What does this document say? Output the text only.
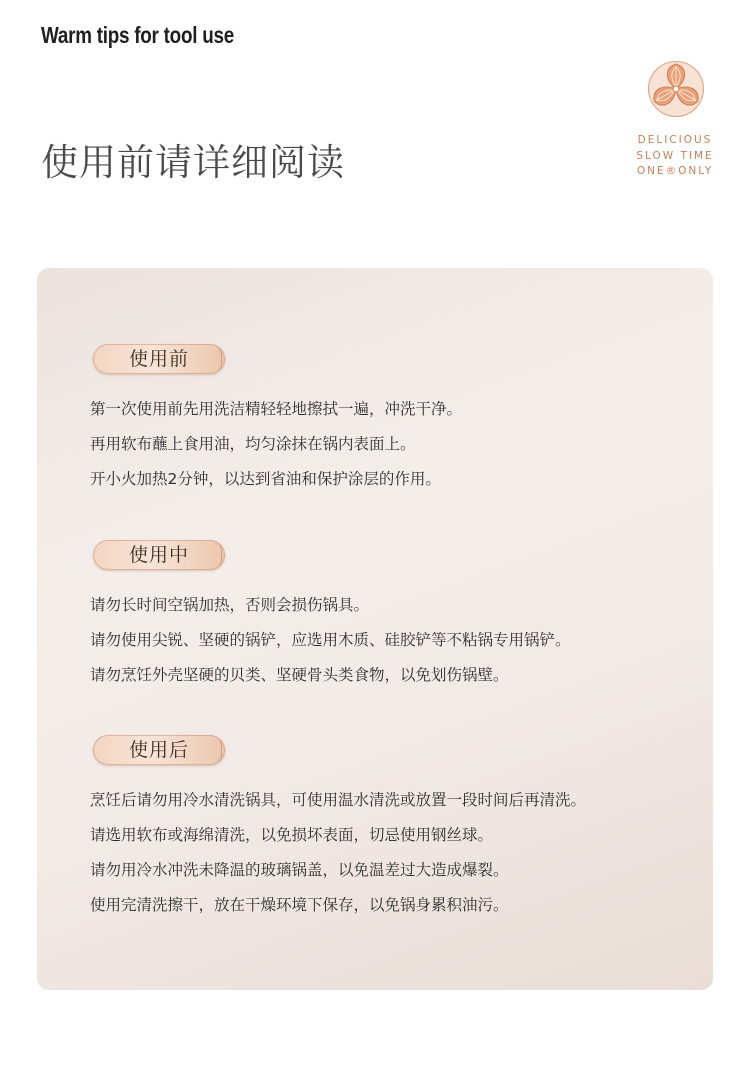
Warm tips for tool use
使用前请详细阅读
DELICIOUS
SLOW TIME
ONE®ONLY
使用前
第一次使用前先用洗洁精轻轻地擦拭一遍，冲洗干净。
再用软布蘸上食用油，均匀涂抹在锅内表面上。
开小火加热2分钟，以达到省油和保护涂层的作用。
使用中
请勿长时间空锅加热，否则会损伤锅具。
请勿使用尖锐、坚硬的锅铲，应选用木质、硅胶铲等不粘锅专用锅铲。
请勿烹饪外壳坚硬的贝类、坚硬骨头类食物，以免划伤锅壁。
使用后
烹饪后请勿用冷水清洗锅具，可使用温水清洗或放置一段时间后再清洗。
请选用软布或海绵清洗，以免损坏表面，切忌使用钢丝球。
请勿用冷水冲洗未降温的玻璃锅盖，以免温差过大造成爆裂。
使用完清洗擦干，放在干燥环境下保存，以免锅身累积油污。
